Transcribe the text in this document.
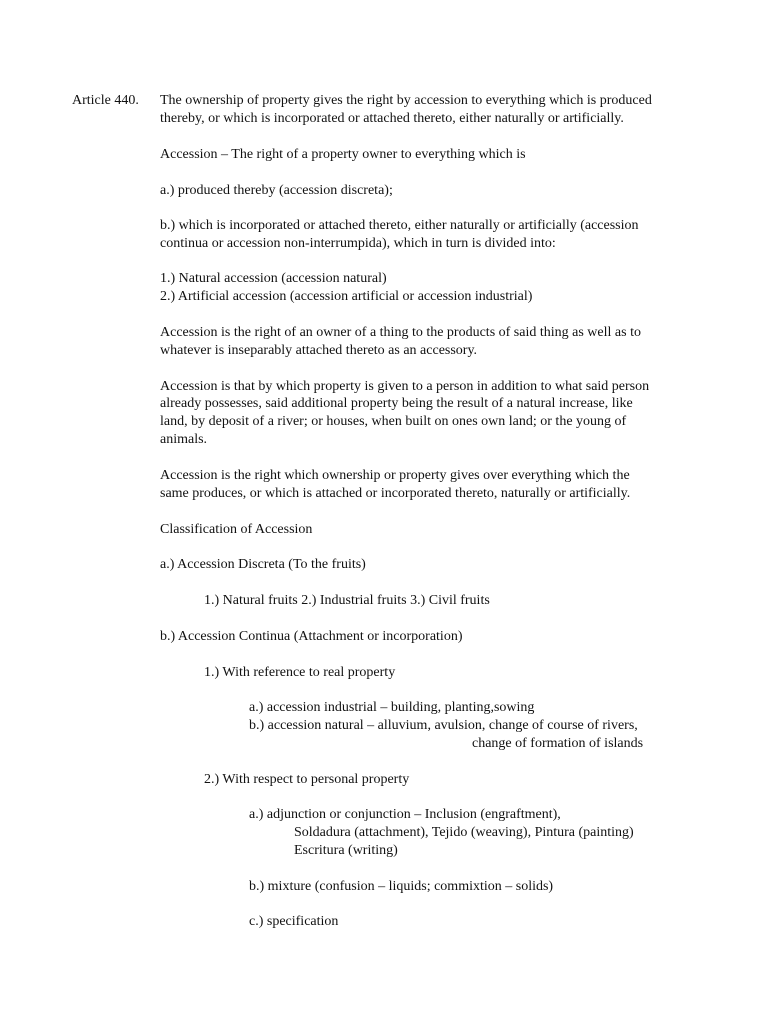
Article 440. The ownership of property gives the right by accession to everything which is produced
thereby, or which is incorporated or attached thereto, either naturally or artificially.
Accession – The right of a property owner to everything which is
a.) produced thereby (accession discreta);
b.) which is incorporated or attached thereto, either naturally or artificially (accession
continua or accession non-interrumpida), which in turn is divided into:
1.) Natural accession (accession natural)
2.) Artificial accession (accession artificial or accession industrial)
Accession is the right of an owner of a thing to the products of said thing as well as to
whatever is inseparably attached thereto as an accessory.
Accession is that by which property is given to a person in addition to what said person
already possesses, said additional property being the result of a natural increase, like
land, by deposit of a river; or houses, when built on ones own land; or the young of
animals.
Accession is the right which ownership or property gives over everything which the
same produces, or which is attached or incorporated thereto, naturally or artificially.
Classification of Accession
a.) Accession Discreta (To the fruits)
1.) Natural fruits 2.) Industrial fruits 3.) Civil fruits
b.) Accession Continua (Attachment or incorporation)
1.) With reference to real property
a.) accession industrial – building, planting,sowing
b.) accession natural – alluvium, avulsion, change of course of rivers,
change of formation of islands
2.) With respect to personal property
a.) adjunction or conjunction – Inclusion (engraftment),
Soldadura (attachment), Tejido (weaving), Pintura (painting)
Escritura (writing)
b.) mixture (confusion – liquids; commixtion – solids)
c.) specification
